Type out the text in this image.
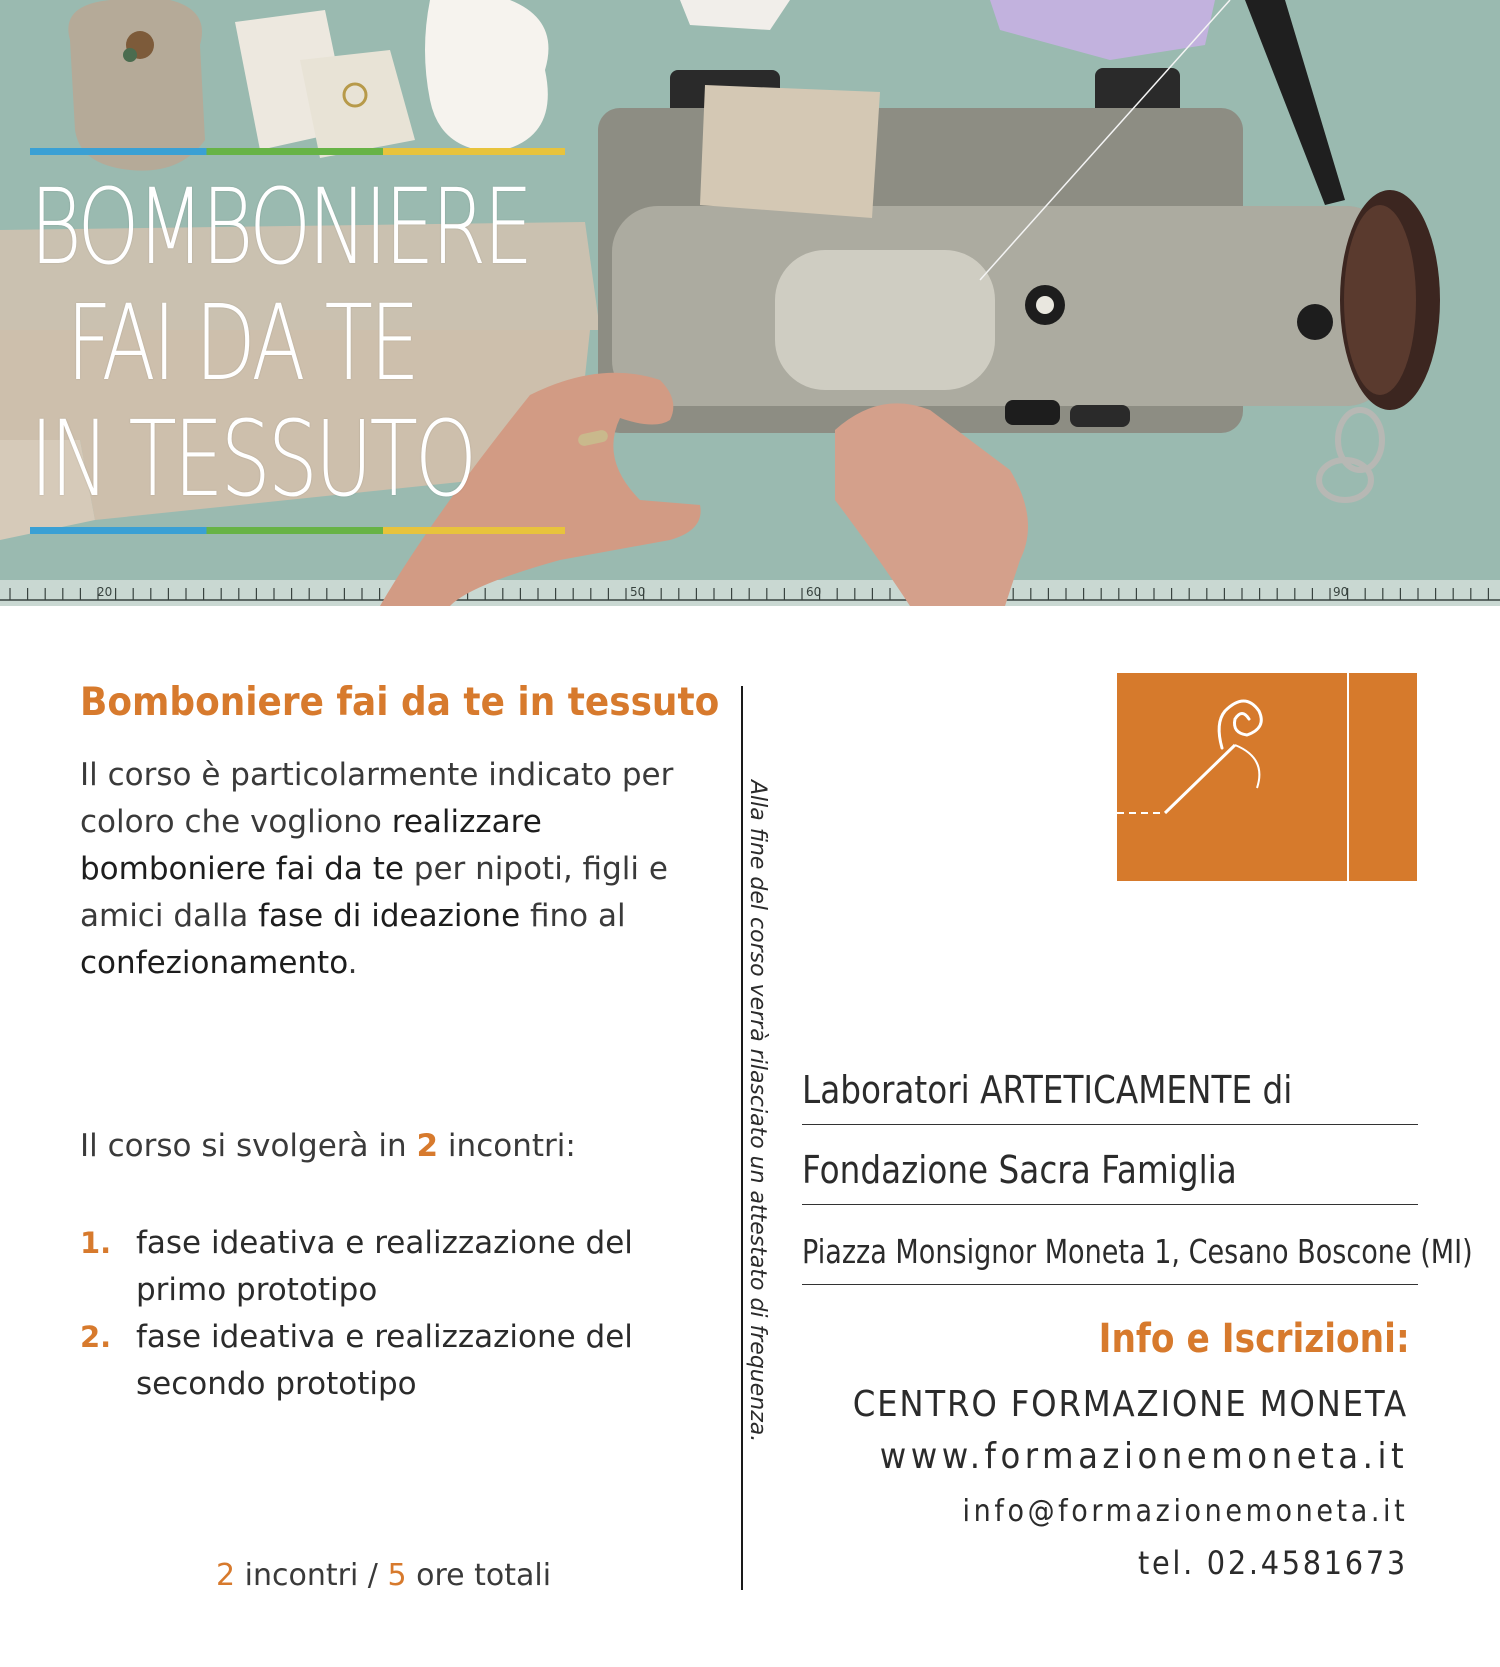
20	50	60	90
BOMBONIERE
FAI DA TE
IN TESSUTO
Bomboniere fai da te in tessuto
Il corso è particolarmente indicato per coloro che vogliono realizzare bomboniere fai da te per nipoti, figli e amici dalla fase di ideazione fino al confezionamento.
Il corso si svolgerà in 2 incontri:
1. fase ideativa e realizzazione del primo prototipo
2. fase ideativa e realizzazione del secondo prototipo
2 incontri / 5 ore totali
Alla fine del corso verrà rilasciato un attestato di frequenza. Laboratori ARTETICAMENTE di
Fondazione Sacra Famiglia
Piazza Monsignor Moneta 1, Cesano Boscone (MI)
Info e Iscrizioni:
CENTRO FORMAZIONE MONETA
www.formazionemoneta.it
info@formazionemoneta.it
tel. 02.4581673
